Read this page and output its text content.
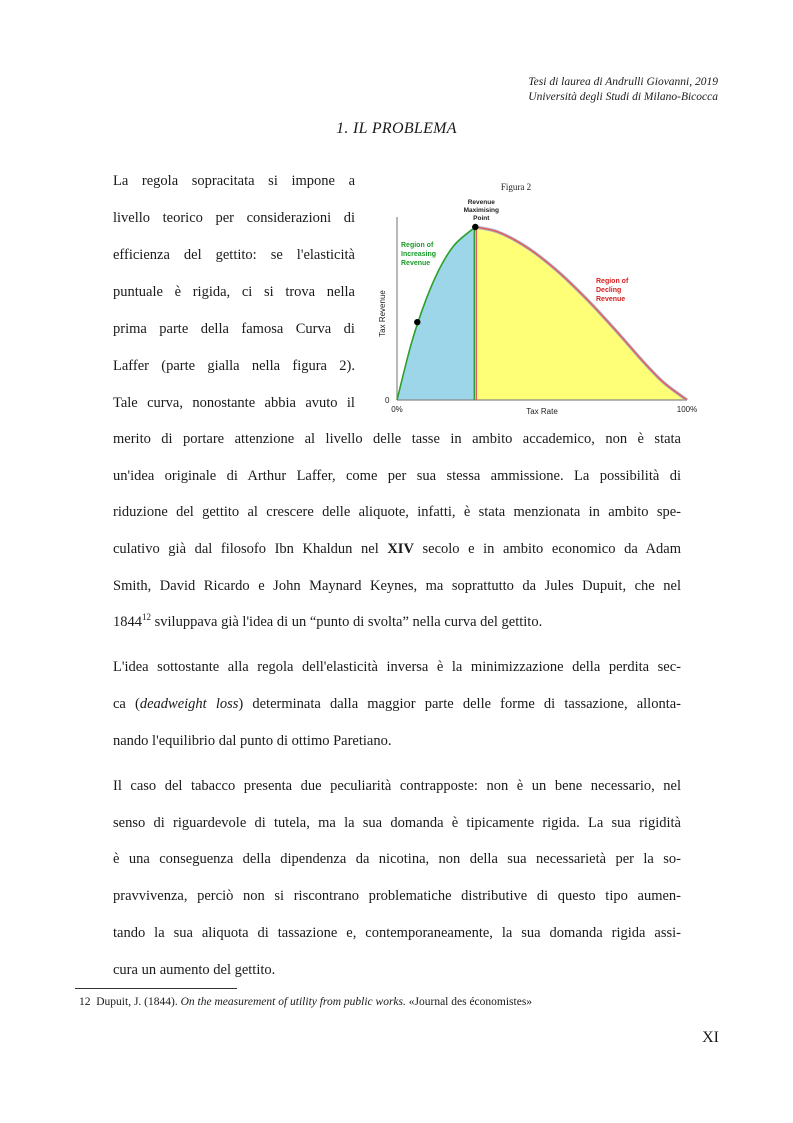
Tesi di laurea di Andrulli Giovanni, 2019
Università degli Studi di Milano-Bicocca
1. IL PROBLEMA
La regola sopracitata si impone a
livello teorico per considerazioni di
efficienza del gettito: se l'elasticità
puntuale è rigida, ci si trova nella
prima parte della famosa Curva di
Laffer (parte gialla nella figura 2).
Tale curva, nonostante abbia avuto il
merito di portare attenzione al livello delle tasse in ambito accademico, non è stata
un'idea originale di Arthur Laffer, come per sua stessa ammissione. La possibilità di
riduzione del gettito al crescere delle aliquote, infatti, è stata menzionata in ambito spe-
culativo già dal filosofo Ibn Khaldun nel XIV secolo e in ambito economico da Adam
Smith, David Ricardo e John Maynard Keynes, ma soprattutto da Jules Dupuit, che nel
1844$^{12}$ sviluppava già l'idea di un “punto di svolta” nella curva del gettito.
L'idea sottostante alla regola dell'elasticità inversa è la minimizzazione della perdita sec-
ca (deadweight loss) determinata dalla maggior parte delle forme di tassazione, allonta-
nando l'equilibrio dal punto di ottimo Paretiano.
Il caso del tabacco presenta due peculiarità contrapposte: non è un bene necessario, nel
senso di riguardevole di tutela, ma la sua domanda è tipicamente rigida. La sua rigidità
è una conseguenza della dipendenza da nicotina, non della sua necessarietà per la so-
pravvivenza, perciò non si riscontrano problematiche distributive di questo tipo aumen-
tando la sua aliquota di tassazione e, contemporaneamente, la sua domanda rigida assi-
cura un aumento del gettito.
Figura 2
Revenue
Maximising
Point
Region of
Increasing
Revenue
Region of
Decling
Revenue
Tax Rate
Tax Revenue
0%	100%
0
12 Dupuit, J. (1844). On the measurement of utility from public works. «Journal des économistes»
XI
